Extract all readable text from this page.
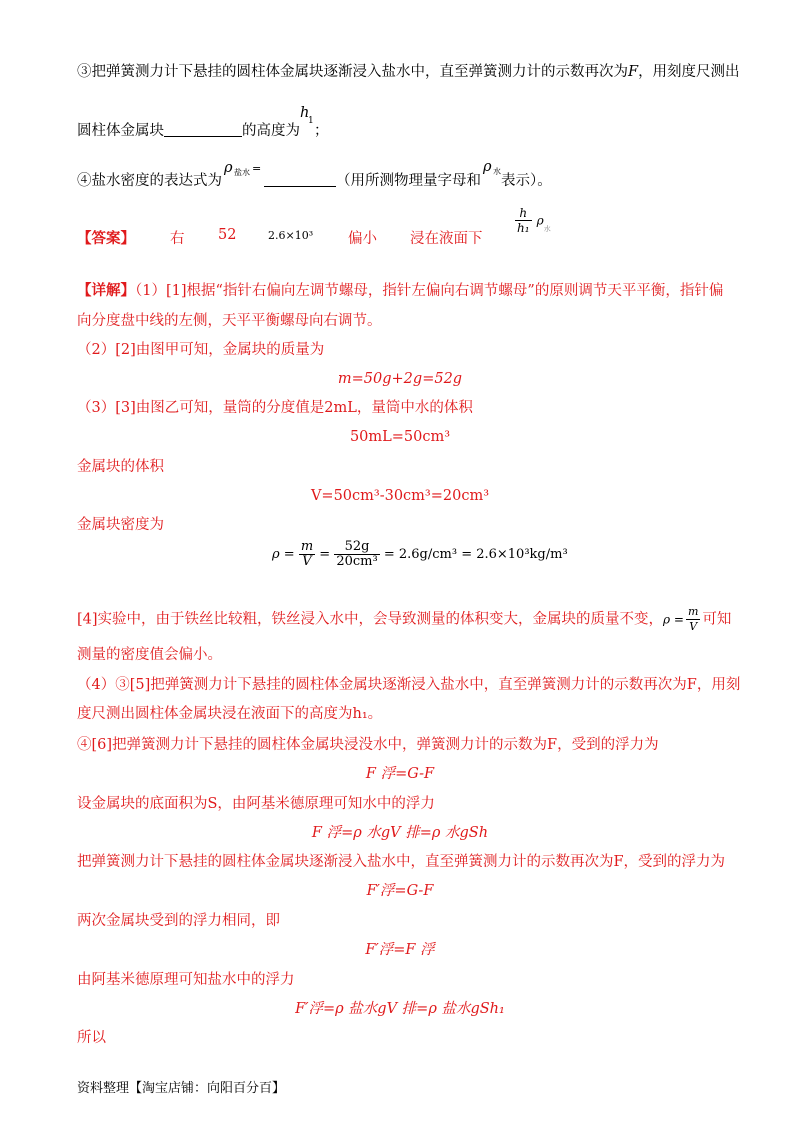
③把弹簧测力计下悬挂的圆柱体金属块逐渐浸入盐水中，直至弹簧测力计的示数再次为F，用刻度尺测出
圆柱体金属块	的高度为
h
1
；
④盐水密度的表达式为
ρ 盐水 =
（用所测物理量字母和
ρ 水
表示）。
【答案】 右 52	2.6×10³ 偏小 浸在液面下
$\frac{h}{\text{h₁}} \rho_水$
【详解】（1）[1]根据“指针右偏向左调节螺母，指针左偏向右调节螺母”的原则调节天平平衡，指针偏
向分度盘中线的左侧，天平平衡螺母向右调节。
（2）[2]由图甲可知，金属块的质量为
m=50g+2g=52g
（3）[3]由图乙可知，量筒的分度值是2mL，量筒中水的体积
50mL=50cm³
金属块的体积
V=50cm³-30cm³=20cm³
金属块密度为
$\rho = \frac{m}{V} = \frac{52g}{\text{20cm³}} = 2.6g/cm^3 = 2.6\times 10^3kg/m^3$
[4]实验中，由于铁丝比较粗，铁丝浸入水中，会导致测量的体积变大，金属块的质量不变，$\rho = \frac{m}{V}$ 可知
测量的密度值会偏小。
（4）③[5]把弹簧测力计下悬挂的圆柱体金属块逐渐浸入盐水中，直至弹簧测力计的示数再次为F，用刻
度尺测出圆柱体金属块浸在液面下的高度为h₁。
④[6]把弹簧测力计下悬挂的圆柱体金属块浸没水中，弹簧测力计的示数为F，受到的浮力为
F 浮=G-F
设金属块的底面积为S，由阿基米德原理可知水中的浮力
F 浮=ρ 水gV 排=ρ 水gSh
把弹簧测力计下悬挂的圆柱体金属块逐渐浸入盐水中，直至弹簧测力计的示数再次为F，受到的浮力为
F′浮=G-F
两次金属块受到的浮力相同，即
F′浮=F 浮
由阿基米德原理可知盐水中的浮力
F′浮=ρ 盐水gV 排=ρ 盐水gSh₁
所以
资料整理【淘宝店铺：向阳百分百】
